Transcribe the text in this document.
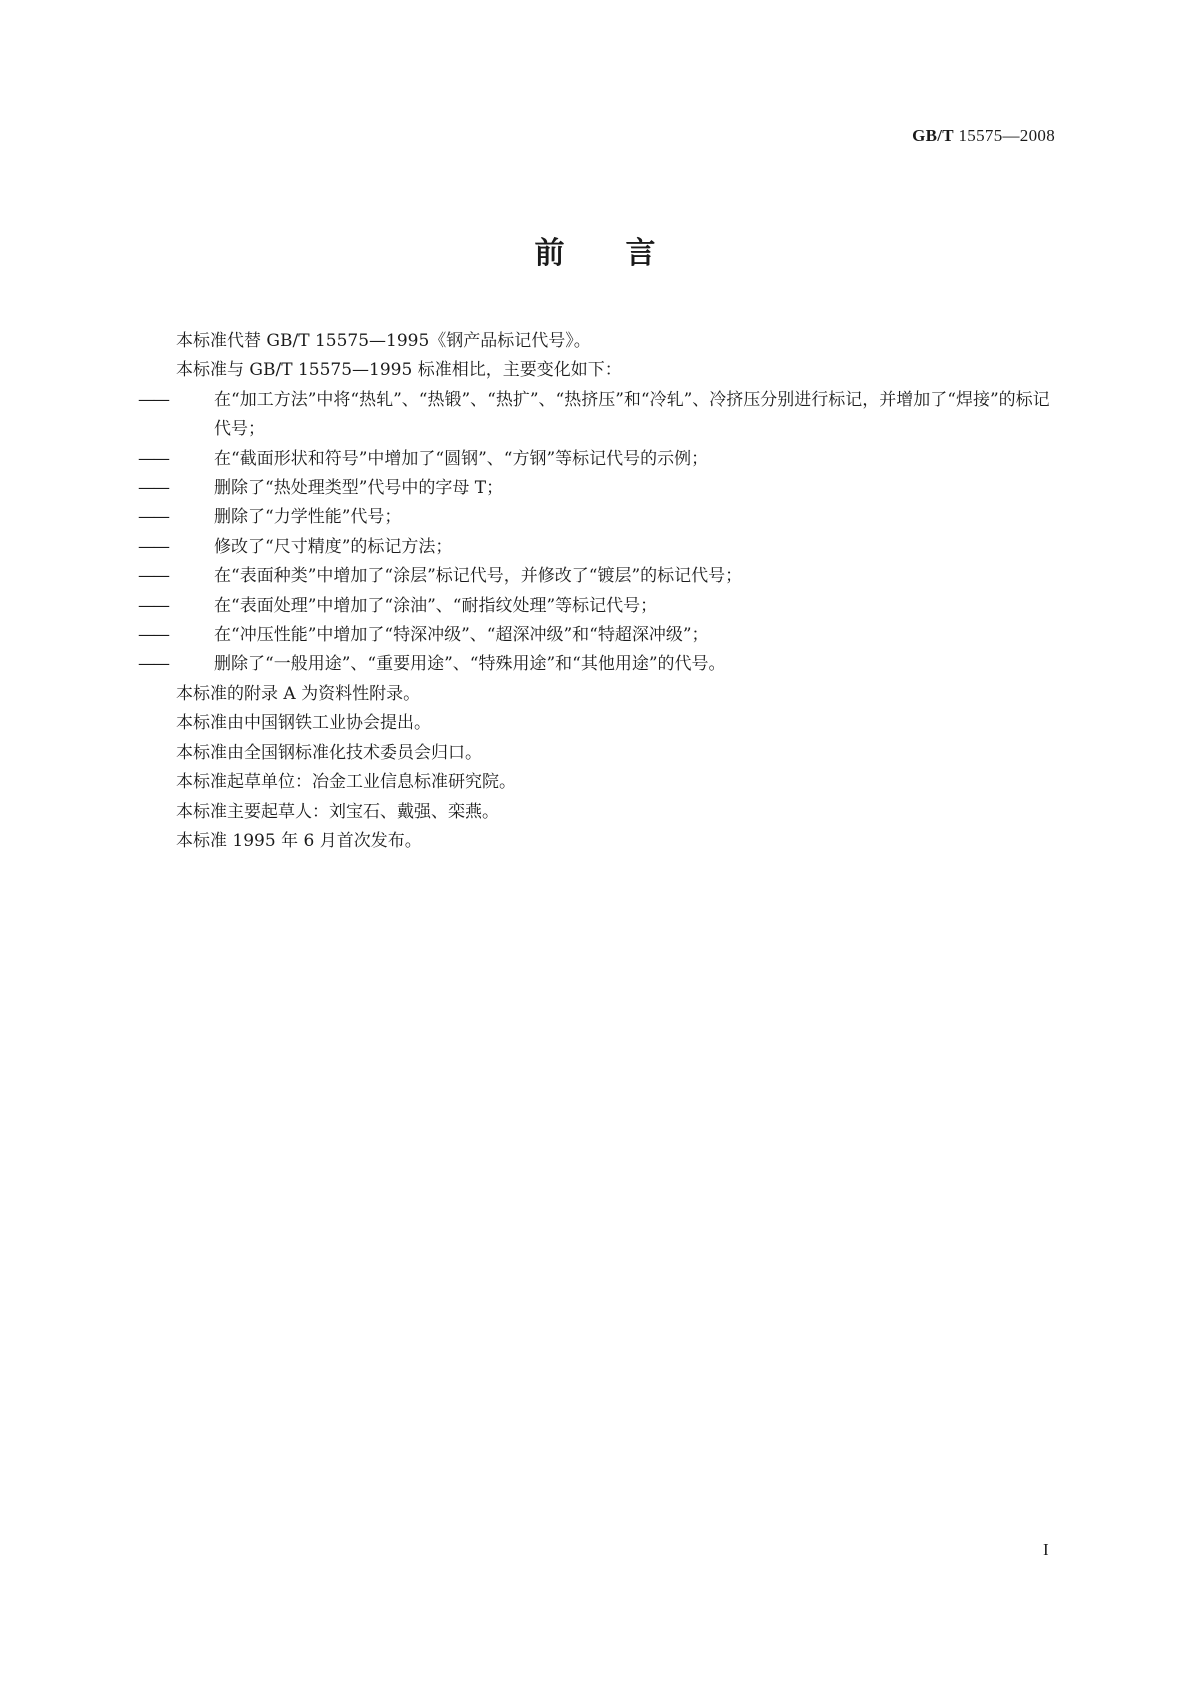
GB/T 15575—2008
前 言

本标准代替 GB/T 15575—1995《钢产品标记代号》。

本标准与 GB/T 15575—1995 标准相比，主要变化如下：

——	在“加工方法”中将“热轧”、“热锻”、“热扩”、“热挤压”和“冷轧”、冷挤压分别进行标记，并增加了“焊接”的标记代号；

——	在“截面形状和符号”中增加了“圆钢”、“方钢”等标记代号的示例；

——	删除了“热处理类型”代号中的字母 T；

——	删除了“力学性能”代号；

——	修改了“尺寸精度”的标记方法；

——	在“表面种类”中增加了“涂层”标记代号，并修改了“镀层”的标记代号；

——	在“表面处理”中增加了“涂油”、“耐指纹处理”等标记代号；

——	在“冲压性能”中增加了“特深冲级”、“超深冲级”和“特超深冲级”；

——	删除了“一般用途”、“重要用途”、“特殊用途”和“其他用途”的代号。

本标准的附录 A 为资料性附录。

本标准由中国钢铁工业协会提出。

本标准由全国钢标准化技术委员会归口。

本标准起草单位：冶金工业信息标准研究院。

本标准主要起草人：刘宝石、戴强、栾燕。

本标准 1995 年 6 月首次发布。

I
